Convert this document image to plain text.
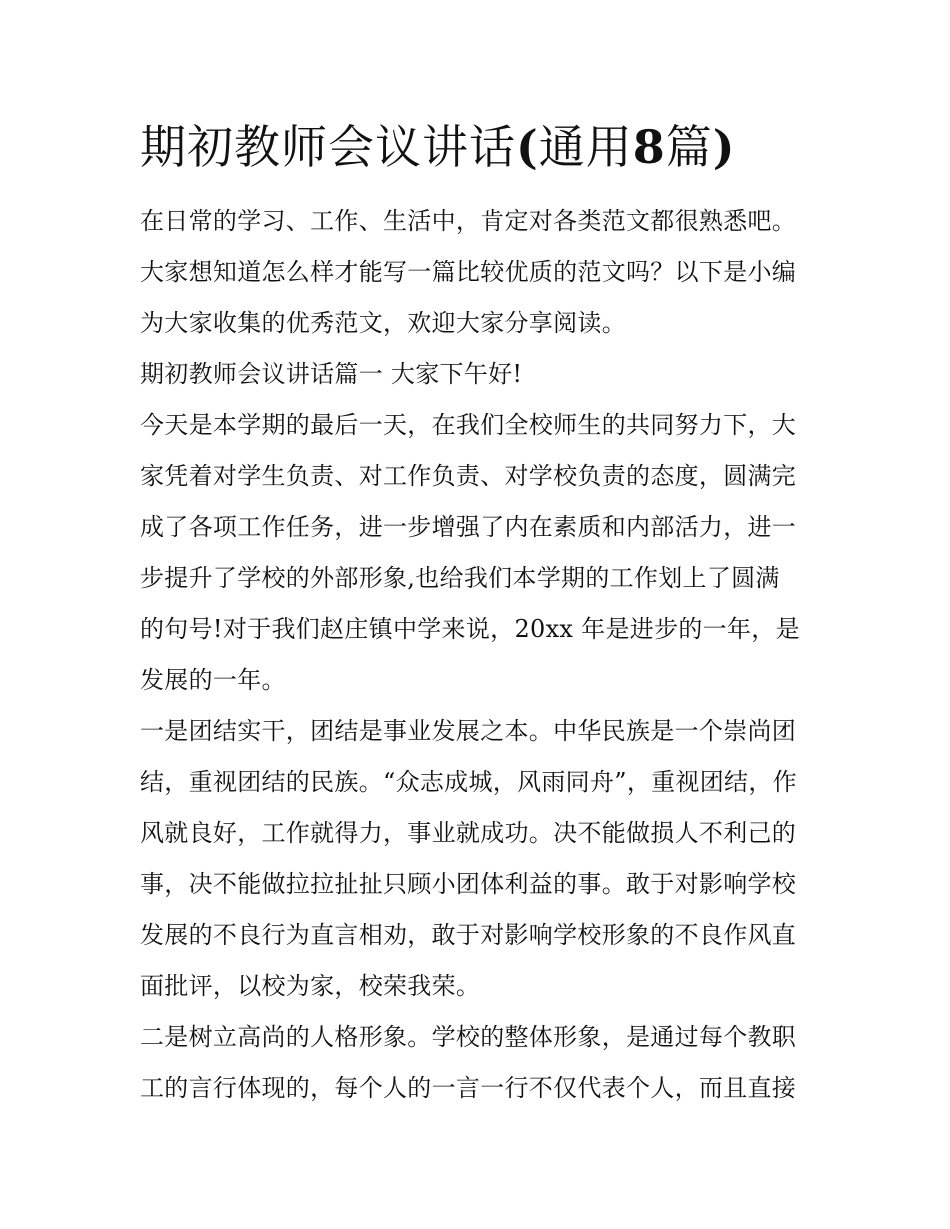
期初教师会议讲话(通用8篇)
在日常的学习、工作、生活中，肯定对各类范文都很熟悉吧。
大家想知道怎么样才能写一篇比较优质的范文吗？以下是小编
为大家收集的优秀范文，欢迎大家分享阅读。
期初教师会议讲话篇一 大家下午好!
今天是本学期的最后一天，在我们全校师生的共同努力下，大
家凭着对学生负责、对工作负责、对学校负责的态度，圆满完
成了各项工作任务，进一步增强了内在素质和内部活力，进一
步提升了学校的外部形象,也给我们本学期的工作划上了圆满
的句号!对于我们赵庄镇中学来说，20xx 年是进步的一年，是
发展的一年。
一是团结实干，团结是事业发展之本。中华民族是一个崇尚团
结，重视团结的民族。“众志成城，风雨同舟”，重视团结，作
风就良好，工作就得力，事业就成功。决不能做损人不利己的
事，决不能做拉拉扯扯只顾小团体利益的事。敢于对影响学校
发展的不良行为直言相劝，敢于对影响学校形象的不良作风直
面批评，以校为家，校荣我荣。
二是树立高尚的人格形象。学校的整体形象，是通过每个教职
工的言行体现的，每个人的一言一行不仅代表个人，而且直接
